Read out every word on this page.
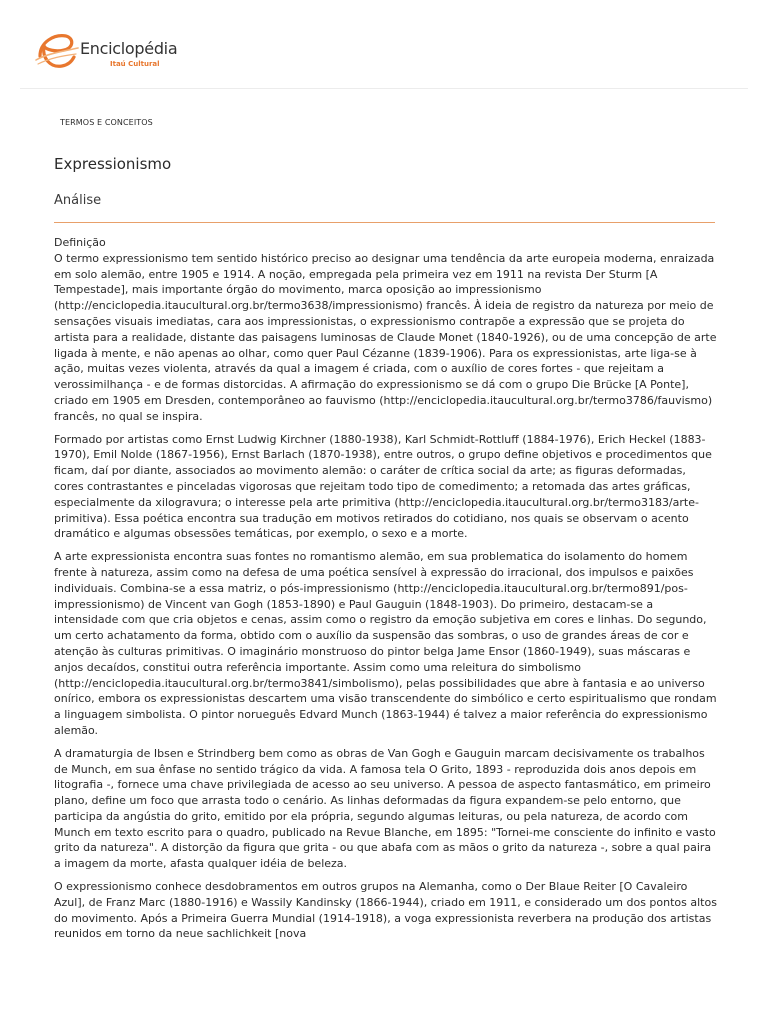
Enciclopédia
Itaú Cultural
TERMOS E CONCEITOS
Expressionismo
Análise
Definição

O termo expressionismo tem sentido histórico preciso ao designar uma tendência da arte europeia moderna, enraizada em solo alemão, entre 1905 e 1914. A noção, empregada pela primeira vez em 1911 na revista Der Sturm [A Tempestade], mais importante órgão do movimento, marca oposição ao impressionismo (http://enciclopedia.itaucultural.org.br/termo3638/impressionismo) francês. À ideia de registro da natureza por meio de sensações visuais imediatas, cara aos impressionistas, o expressionismo contrapõe a expressão que se projeta do artista para a realidade, distante das paisagens luminosas de Claude Monet (1840-1926), ou de uma concepção de arte ligada à mente, e não apenas ao olhar, como quer Paul Cézanne (1839-1906). Para os expressionistas, arte liga-se à ação, muitas vezes violenta, através da qual a imagem é criada, com o auxílio de cores fortes - que rejeitam a verossimilhança - e de formas distorcidas. A afirmação do expressionismo se dá com o grupo Die Brücke [A Ponte], criado em 1905 em Dresden, contemporâneo ao fauvismo (http://enciclopedia.itaucultural.org.br/termo3786/fauvismo) francês, no qual se inspira.

Formado por artistas como Ernst Ludwig Kirchner (1880-1938), Karl Schmidt-Rottluff (1884-1976), Erich Heckel (1883-1970), Emil Nolde (1867-1956), Ernst Barlach (1870-1938), entre outros, o grupo define objetivos e procedimentos que ficam, daí por diante, associados ao movimento alemão: o caráter de crítica social da arte; as figuras deformadas, cores contrastantes e pinceladas vigorosas que rejeitam todo tipo de comedimento; a retomada das artes gráficas, especialmente da xilogravura; o interesse pela arte primitiva (http://enciclopedia.itaucultural.org.br/termo3183/arte-primitiva). Essa poética encontra sua tradução em motivos retirados do cotidiano, nos quais se observam o acento dramático e algumas obsessões temáticas, por exemplo, o sexo e a morte.

A arte expressionista encontra suas fontes no romantismo alemão, em sua problematica do isolamento do homem frente à natureza, assim como na defesa de uma poética sensível à expressão do irracional, dos impulsos e paixões individuais. Combina-se a essa matriz, o pós-impressionismo (http://enciclopedia.itaucultural.org.br/termo891/pos-impressionismo) de Vincent van Gogh (1853-1890) e Paul Gauguin (1848-1903). Do primeiro, destacam-se a intensidade com que cria objetos e cenas, assim como o registro da emoção subjetiva em cores e linhas. Do segundo, um certo achatamento da forma, obtido com o auxílio da suspensão das sombras, o uso de grandes áreas de cor e atenção às culturas primitivas. O imaginário monstruoso do pintor belga Jame Ensor (1860-1949), suas máscaras e anjos decaídos, constitui outra referência importante. Assim como uma releitura do simbolismo (http://enciclopedia.itaucultural.org.br/termo3841/simbolismo), pelas possibilidades que abre à fantasia e ao universo onírico, embora os expressionistas descartem uma visão transcendente do simbólico e certo espiritualismo que rondam a linguagem simbolista. O pintor norueguês Edvard Munch (1863-1944) é talvez a maior referência do expressionismo alemão.

A dramaturgia de Ibsen e Strindberg bem como as obras de Van Gogh e Gauguin marcam decisivamente os trabalhos de Munch, em sua ênfase no sentido trágico da vida. A famosa tela O Grito, 1893 - reproduzida dois anos depois em litografia -, fornece uma chave privilegiada de acesso ao seu universo. A pessoa de aspecto fantasmático, em primeiro plano, define um foco que arrasta todo o cenário. As linhas deformadas da figura expandem-se pelo entorno, que participa da angústia do grito, emitido por ela própria, segundo algumas leituras, ou pela natureza, de acordo com Munch em texto escrito para o quadro, publicado na Revue Blanche, em 1895: "Tornei-me consciente do infinito e vasto grito da natureza". A distorção da figura que grita - ou que abafa com as mãos o grito da natureza -, sobre a qual paira a imagem da morte, afasta qualquer idéia de beleza.

O expressionismo conhece desdobramentos em outros grupos na Alemanha, como o Der Blaue Reiter [O Cavaleiro Azul], de Franz Marc (1880-1916) e Wassily Kandinsky (1866-1944), criado em 1911, e considerado um dos pontos altos do movimento. Após a Primeira Guerra Mundial (1914-1918), a voga expressionista reverbera na produção dos artistas reunidos em torno da neue sachlichkeit [nova
